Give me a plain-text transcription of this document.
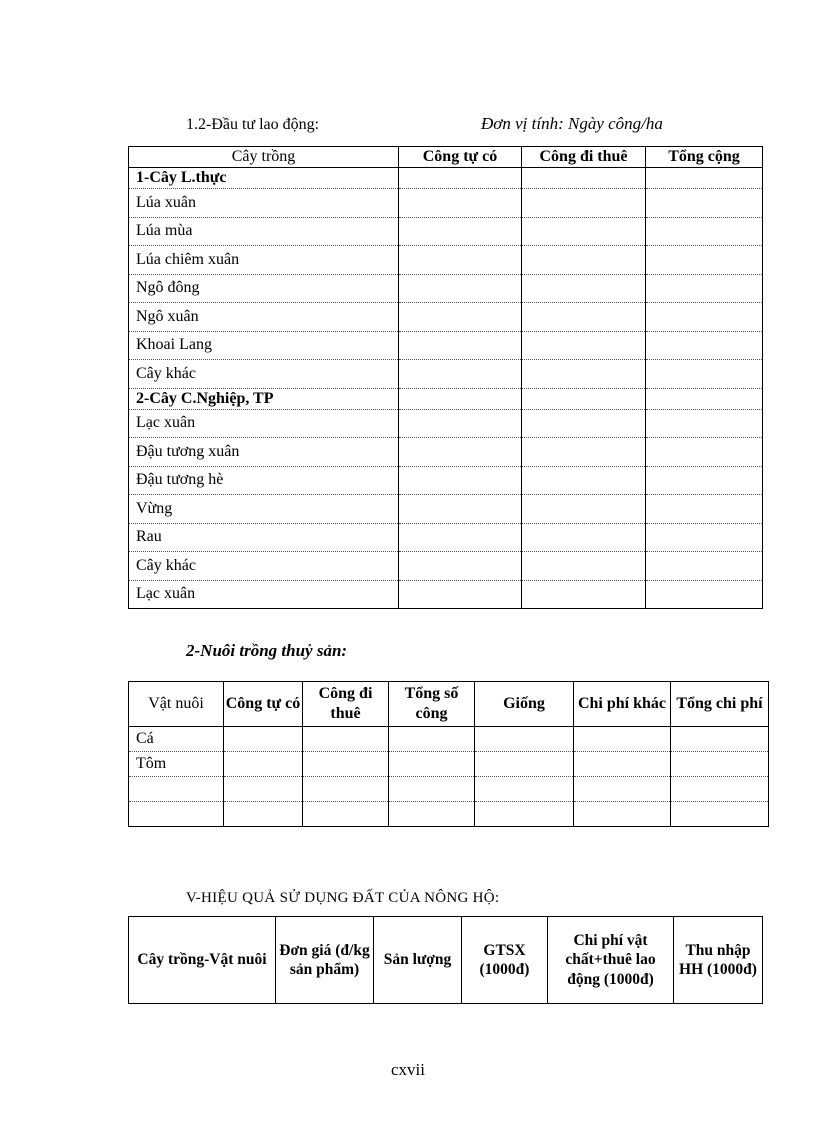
1.2-Đầu tư lao động:	Đơn vị tính: Ngày công/ha
Cây trồng	Công tự có	Công đi thuê	Tổng cộng
1-Cây L.thực			
Lúa xuân			
Lúa mùa			
Lúa chiêm xuân			
Ngô đông			
Ngô xuân			
Khoai Lang			
Cây khác			
2-Cây C.Nghiệp, TP			
Lạc xuân			
Đậu tương xuân			
Đậu tương hè			
Vừng			
Rau			
Cây khác			
Lạc xuân			
2-Nuôi trồng thuỷ sản:
Vật nuôi	Công tự có	Công đi thuê	Tổng số công	Giống	Chi phí khác	Tổng chi phí
Cá						
Tôm						

V-HIỆU QUẢ SỬ DỤNG ĐẤT CỦA NÔNG HỘ:
Cây trồng-Vật nuôi	Đơn giá (đ/kg sản phẩm)	Sản lượng	GTSX (1000đ)	Chi phí vật chất+thuê lao động (1000đ)	Thu nhập HH (1000đ)
cxvii
